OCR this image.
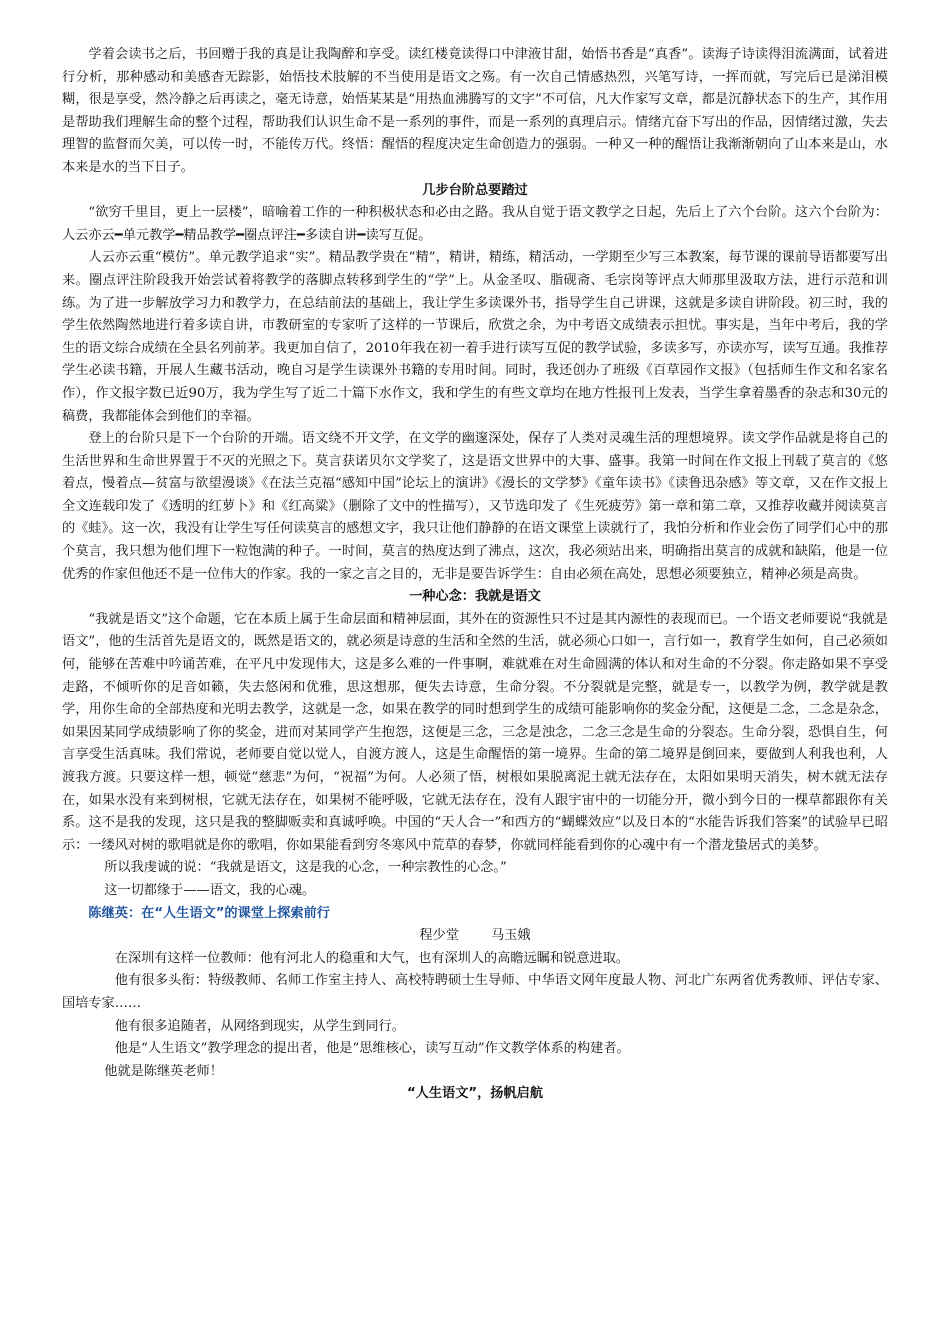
学着会读书之后，书回赠于我的真是让我陶醉和享受。读红楼竟读得口中津液甘甜，始悟书香是“真香”。读海子诗读得泪流满面，试着进行分析，那种感动和美感杳无踪影，始悟技术肢解的不当使用是语文之殇。有一次自己情感热烈，兴笔写诗，一挥而就，写完后已是涕泪模糊，很是享受，然冷静之后再读之，毫无诗意，始悟某某是“用热血沸腾写的文字”不可信，凡大作家写文章，都是沉静状态下的生产，其作用是帮助我们理解生命的整个过程，帮助我们认识生命不是一系列的事件，而是一系列的真理启示。情绪亢奋下写出的作品，因情绪过激，失去理智的监督而欠美，可以传一时，不能传万代。终悟：醒悟的程度决定生命创造力的强弱。一种又一种的醒悟让我渐渐朝向了山本来是山，水本来是水的当下日子。

几步台阶总要踏过

“欲穷千里目，更上一层楼”，暗喻着工作的一种积极状态和必由之路。我从自觉于语文教学之日起，先后上了六个台阶。这六个台阶为：人云亦云━单元教学━精品教学━圈点评注━多读自讲━读写互促。

人云亦云重“模仿”。单元教学追求“实”。精品教学贵在“精”，精讲，精练，精活动，一学期至少写三本教案，每节课的课前导语都要写出来。圈点评注阶段我开始尝试着将教学的落脚点转移到学生的“学”上。从金圣叹、脂砚斋、毛宗岗等评点大师那里汲取方法，进行示范和训练。为了进一步解放学习力和教学力，在总结前法的基础上，我让学生多读课外书，指导学生自己讲课，这就是多读自讲阶段。初三时，我的学生依然陶然地进行着多读自讲，市教研室的专家听了这样的一节课后，欣赏之余，为中考语文成绩表示担忧。事实是，当年中考后，我的学生的语文综合成绩在全县名列前茅。我更加自信了，2010年我在初一着手进行读写互促的教学试验，多读多写，亦读亦写，读写互通。我推荐学生必读书籍，开展人生藏书活动，晚自习是学生读课外书籍的专用时间。同时，我还创办了班级《百草园作文报》（包括师生作文和名家名作），作文报字数已近90万，我为学生写了近二十篇下水作文，我和学生的有些文章均在地方性报刊上发表，当学生拿着墨香的杂志和30元的稿费，我都能体会到他们的幸福。

登上的台阶只是下一个台阶的开端。语文绕不开文学，在文学的幽邃深处，保存了人类对灵魂生活的理想境界。读文学作品就是将自己的生活世界和生命世界置于不灭的光照之下。莫言获诺贝尔文学奖了，这是语文世界中的大事、盛事。我第一时间在作文报上刊载了莫言的《悠着点，慢着点—贫富与欲望漫谈》《在法兰克福“感知中国”论坛上的演讲》《漫长的文学梦》《童年读书》《读鲁迅杂感》等文章，又在作文报上全文连载印发了《透明的红萝卜》和《红高粱》（删除了文中的性描写），又节选印发了《生死疲劳》第一章和第二章，又推荐收藏并阅读莫言的《蛙》。这一次，我没有让学生写任何读莫言的感想文字，我只让他们静静的在语文课堂上读就行了，我怕分析和作业会伤了同学们心中的那个莫言，我只想为他们埋下一粒饱满的种子。一时间，莫言的热度达到了沸点，这次，我必须站出来，明确指出莫言的成就和缺陷，他是一位优秀的作家但他还不是一位伟大的作家。我的一家之言之目的，无非是要告诉学生：自由必须在高处，思想必须要独立，精神必须是高贵。

一种心念：我就是语文

“我就是语文”这个命题，它在本质上属于生命层面和精神层面，其外在的资源性只不过是其内源性的表现而已。一个语文老师要说“我就是语文”，他的生活首先是语文的，既然是语文的，就必须是诗意的生活和全然的生活，就必须心口如一，言行如一，教育学生如何，自己必须如何，能够在苦难中吟诵苦难，在平凡中发现伟大，这是多么难的一件事啊，难就难在对生命圆满的体认和对生命的不分裂。你走路如果不享受走路，不倾听你的足音如籁，失去悠闲和优雅，思这想那，便失去诗意，生命分裂。不分裂就是完整，就是专一，以教学为例，教学就是教学，用你生命的全部热度和光明去教学，这就是一念，如果在教学的同时想到学生的成绩可能影响你的奖金分配，这便是二念，二念是杂念，如果因某同学成绩影响了你的奖金，进而对某同学产生抱怨，这便是三念，三念是浊念，二念三念是生命的分裂态。生命分裂，恐惧自生，何言享受生活真味。我们常说，老师要自觉以觉人，自渡方渡人，这是生命醒悟的第一境界。生命的第二境界是倒回来，要做到人利我也利，人渡我方渡。只要这样一想，顿觉“慈悲”为何，“祝福”为何。人必须了悟，树根如果脱离泥土就无法存在，太阳如果明天消失，树木就无法存在，如果水没有来到树根，它就无法存在，如果树不能呼吸，它就无法存在，没有人跟宇宙中的一切能分开，微小到今日的一棵草都跟你有关系。这不是我的发现，这只是我的整脚贩卖和真诚呼唤。中国的“天人合一”和西方的“蝴蝶效应”以及日本的“水能告诉我们答案”的试验早已昭示：一缕风对树的歌唱就是你的歌唱，你如果能看到穷冬寒风中荒草的春梦，你就同样能看到你的心魂中有一个潜龙蛰居式的美梦。

所以我虔诚的说：“我就是语文，这是我的心念，一种宗教性的心念。”

这一切都缘于——语文，我的心魂。

陈继英：在“人生语文”的课堂上探索前行

程少堂 马玉娥

在深圳有这样一位教师：他有河北人的稳重和大气，也有深圳人的高瞻远瞩和锐意进取。

他有很多头衔：特级教师、名师工作室主持人、高校特聘硕士生导师、中华语文网年度最人物、河北广东两省优秀教师、评估专家、国培专家……

他有很多追随者，从网络到现实，从学生到同行。

他是“人生语文”教学理念的提出者，他是“思维核心，读写互动”作文教学体系的构建者。

他就是陈继英老师！

“人生语文”，扬帆启航
